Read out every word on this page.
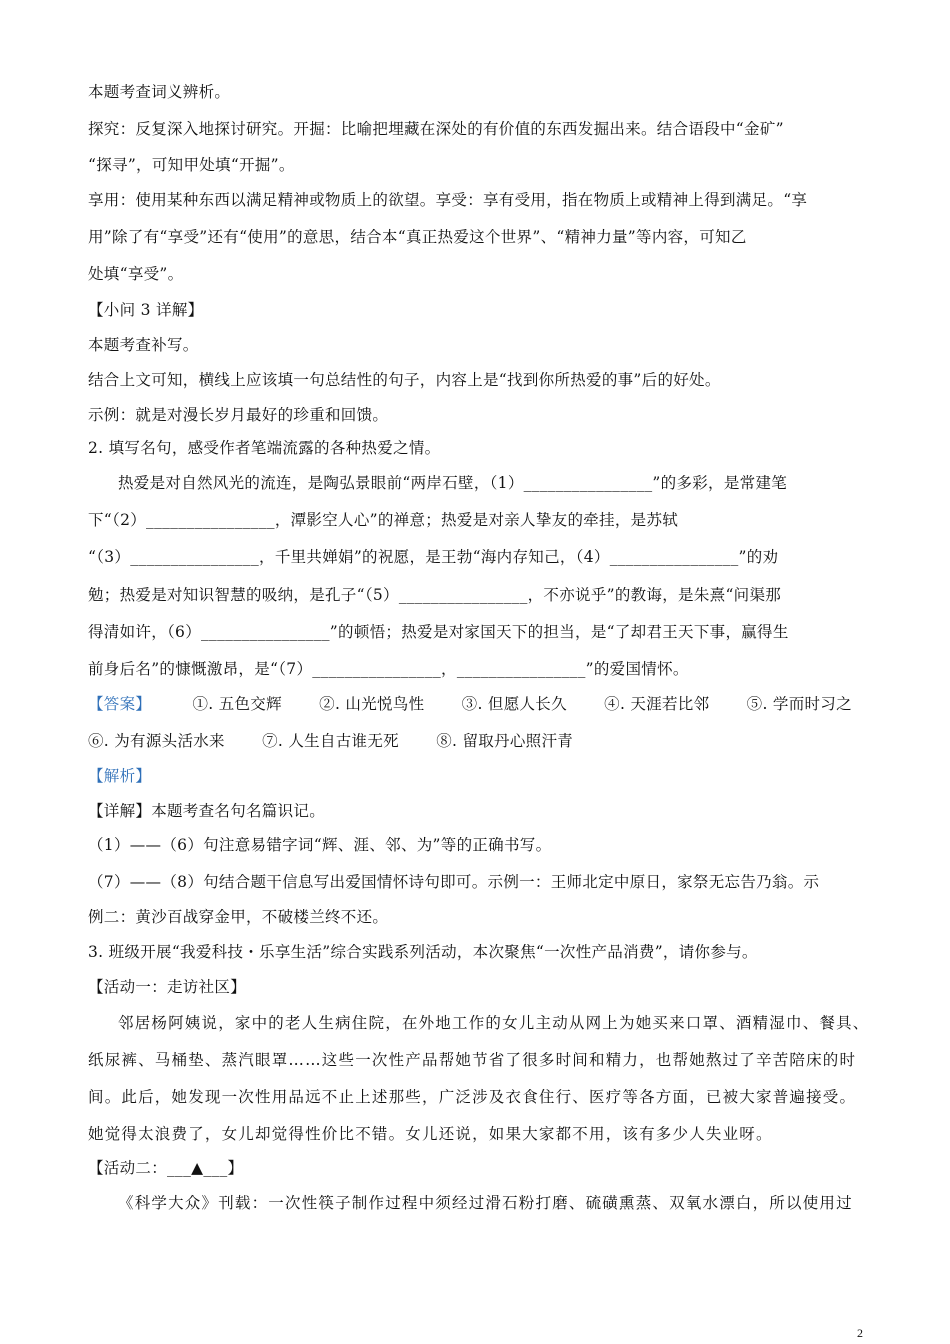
本题考查词义辨析。
探究：反复深入地探讨研究。开掘：比喻把埋藏在深处的有价值的东西发掘出来。结合语段中“金矿”
“探寻”，可知甲处填“开掘”。
享用：使用某种东西以满足精神或物质上的欲望。享受：享有受用，指在物质上或精神上得到满足。“享
用”除了有“享受”还有“使用”的意思，结合本“真正热爱这个世界”、“精神力量”等内容，可知乙
处填“享受”。
【小问 3 详解】
本题考查补写。
结合上文可知，横线上应该填一句总结性的句子，内容上是“找到你所热爱的事”后的好处。
示例：就是对漫长岁月最好的珍重和回馈。
2. 填写名句，感受作者笔端流露的各种热爱之情。
热爱是对自然风光的流连，是陶弘景眼前“两岸石壁，（1）________________”的多彩，是常建笔
下“（2）________________，潭影空人心”的禅意；热爱是对亲人挚友的牵挂，是苏轼
“（3）________________，千里共婵娟”的祝愿，是王勃“海内存知己，（4）________________”的劝
勉；热爱是对知识智慧的吸纳，是孔子“（5）________________，不亦说乎”的教诲，是朱熹“问渠那
得清如许，（6）________________”的顿悟；热爱是对家国天下的担当，是“了却君王天下事，赢得生
前身后名”的慷慨激昂，是“（7）________________，________________”的爱国情怀。
【答案】	①. 五色交辉 ②. 山光悦鸟性 ③. 但愿人长久 ④. 天涯若比邻 ⑤. 学而时习之
⑥. 为有源头活水来 ⑦. 人生自古谁无死 ⑧. 留取丹心照汗青
【解析】
【详解】本题考查名句名篇识记。
（1）——（6）句注意易错字词“辉、涯、邻、为”等的正确书写。
（7）——（8）句结合题干信息写出爱国情怀诗句即可。示例一：王师北定中原日，家祭无忘告乃翁。示
例二：黄沙百战穿金甲，不破楼兰终不还。
3. 班级开展“我爱科技・乐享生活”综合实践系列活动，本次聚焦“一次性产品消费”，请你参与。
【活动一：走访社区】
邻居杨阿姨说，家中的老人生病住院，在外地工作的女儿主动从网上为她买来口罩、酒精湿巾、餐具、
纸尿裤、马桶垫、蒸汽眼罩……这些一次性产品帮她节省了很多时间和精力，也帮她熬过了辛苦陪床的时
间。此后，她发现一次性用品远不止上述那些，广泛涉及衣食住行、医疗等各方面，已被大家普遍接受。
她觉得太浪费了，女儿却觉得性价比不错。女儿还说，如果大家都不用，该有多少人失业呀。
【活动二：___▲___】
《科学大众》刊载：一次性筷子制作过程中须经过滑石粉打磨、硫磺熏蒸、双氧水漂白，所以使用过
2
